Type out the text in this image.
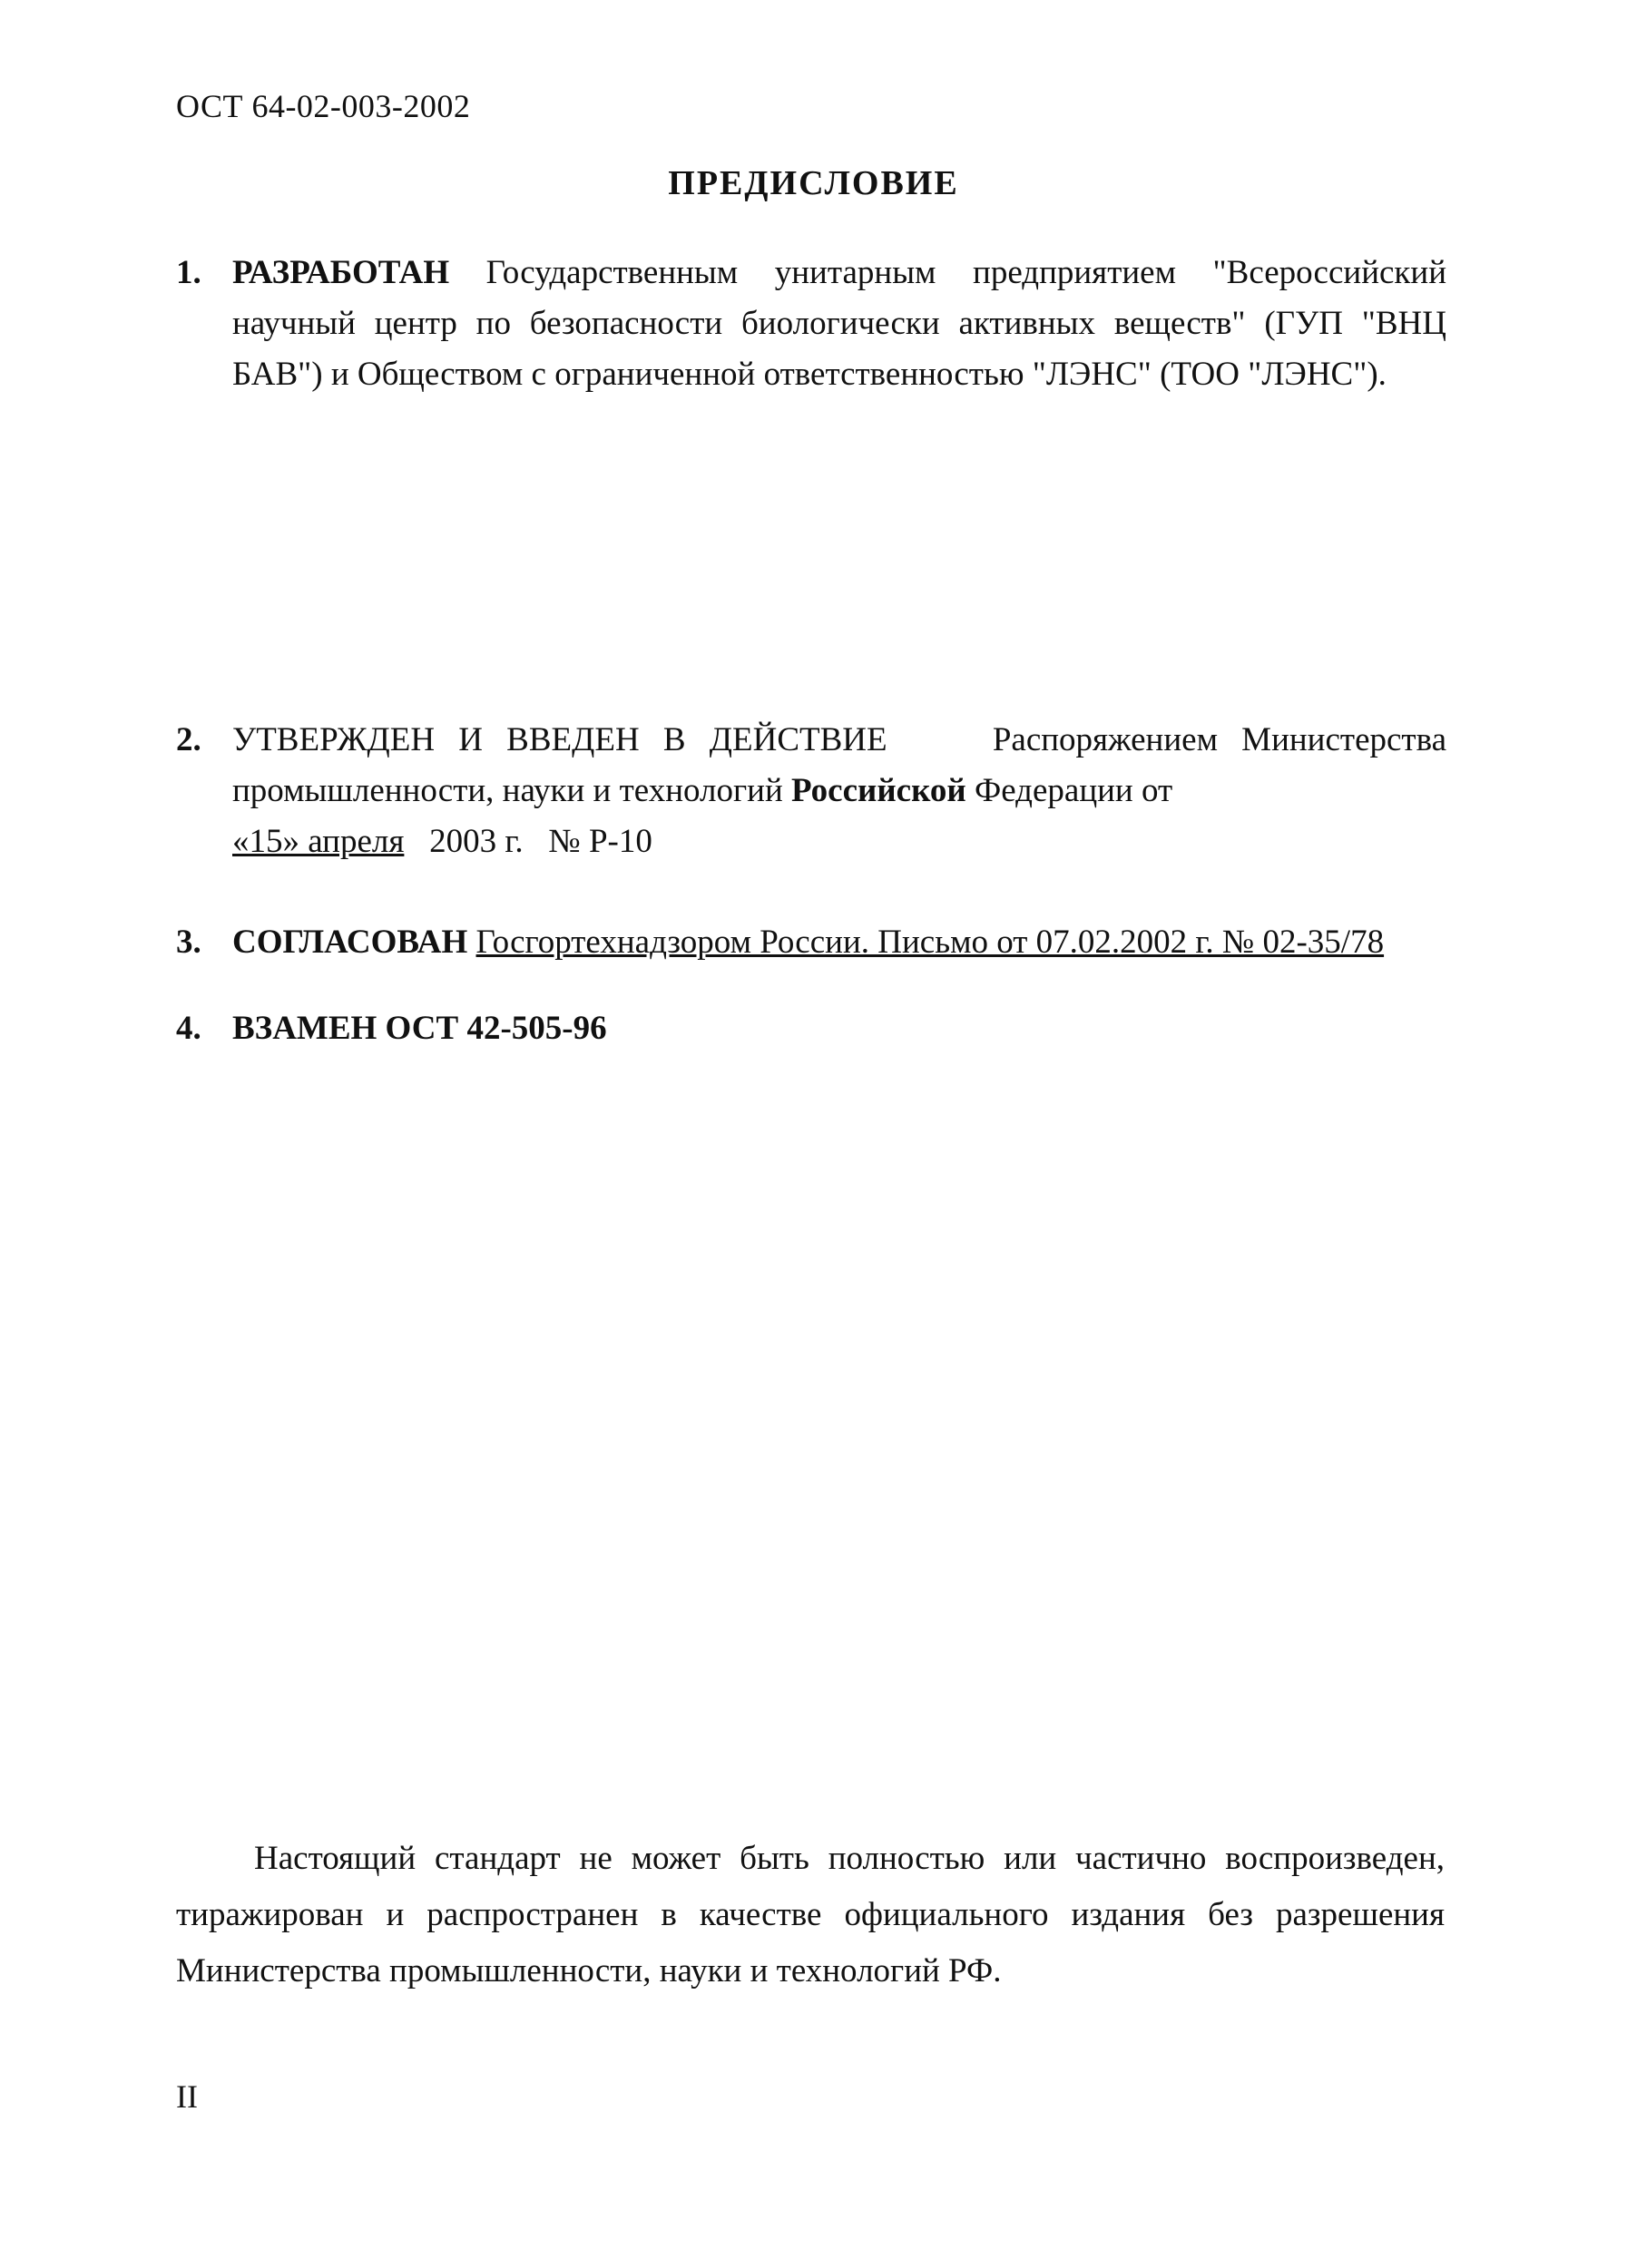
ОСТ 64-02-003-2002
ПРЕДИСЛОВИЕ
1. РАЗРАБОТАН Государственным унитарным предприятием "Всероссийский научный центр по безопасности биологически активных веществ" (ГУП "ВНЦ БАВ") и Обществом с ограниченной ответственностью "ЛЭНС" (ТОО "ЛЭНС").
2. УТВЕРЖДЕН И ВВЕДЕН В ДЕЙСТВИЕ	Распоряжением Министерства промышленности, науки и технологий Российской Федерации от
«15» апреля 2003 г. № Р-10
3. СОГЛАСОВАН Госгортехнадзором России. Письмо от 07.02.2002 г. № 02-35/78
4. ВЗАМЕН ОСТ 42-505-96
Настоящий стандарт не может быть полностью или частично воспроизведен, тиражирован и распространен в качестве официального издания без разрешения Министерства промышленности, науки и технологий РФ.
II
